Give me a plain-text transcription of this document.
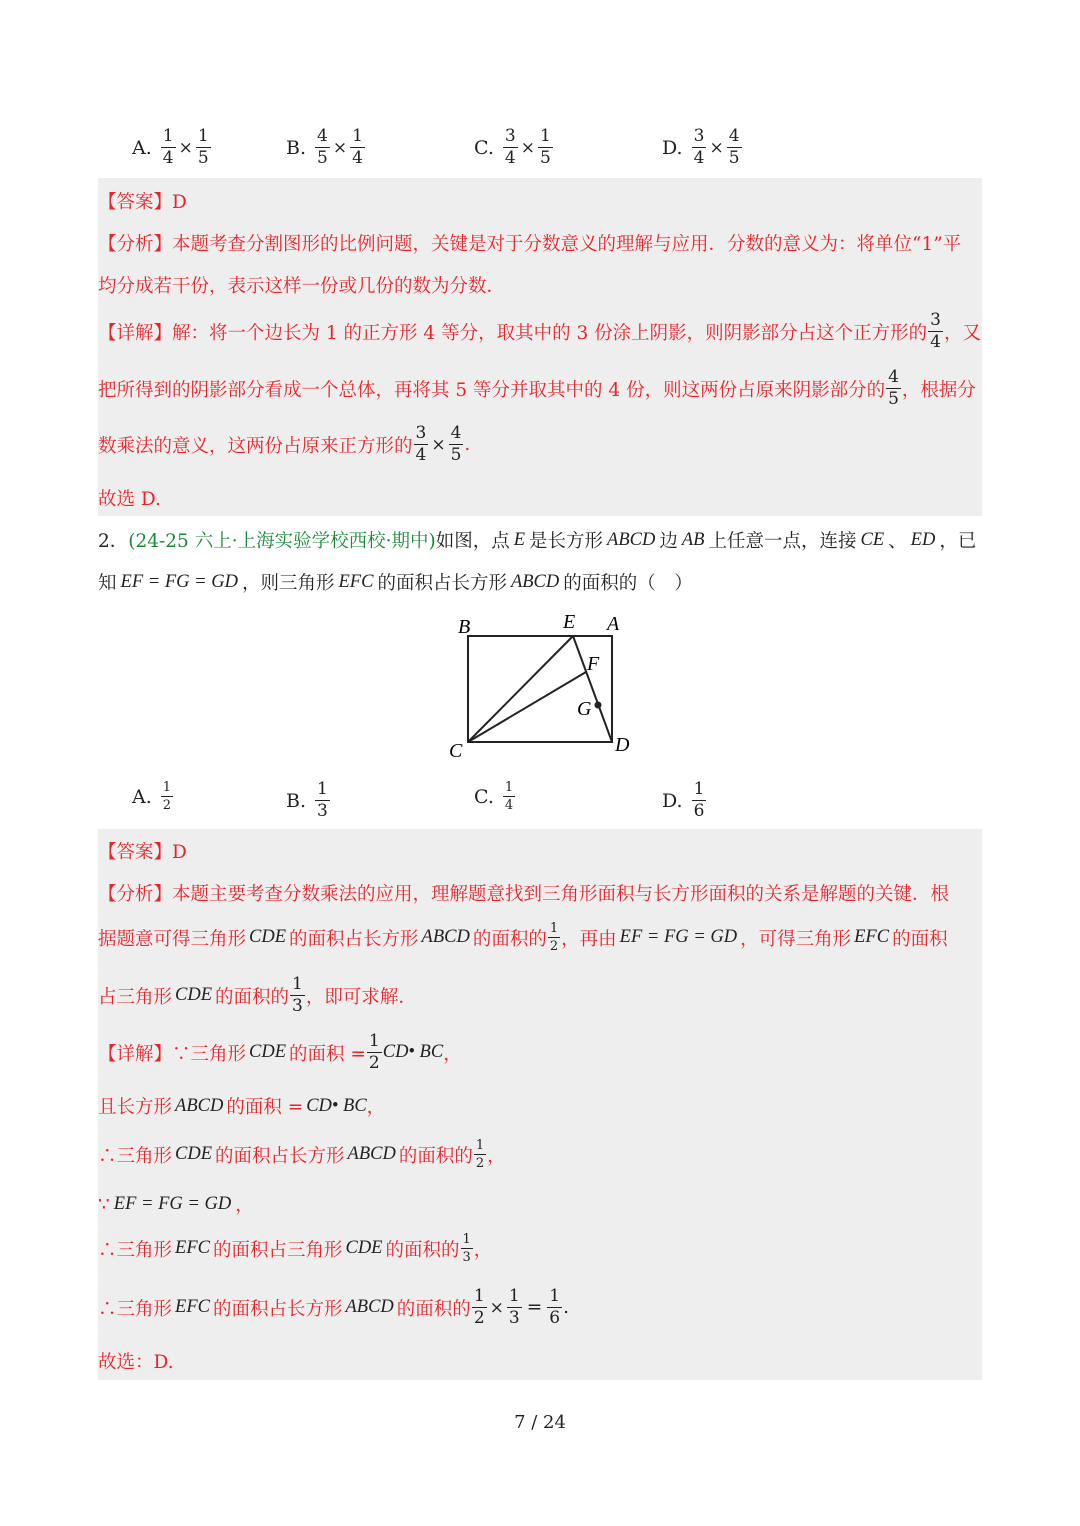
A. $\frac{1}{4} \times \frac{1}{5}$	B. $\frac{4}{5} \times \frac{1}{4}$	C. $\frac{3}{4} \times \frac{1}{5}$	D. $\frac{3}{4} \times \frac{4}{5}$
【答案】D
【分析】本题考查分割图形的比例问题，关键是对于分数意义的理解与应用．分数的意义为：将单位“1”平
均分成若干份，表示这样一份或几份的数为分数．
【详解】解：将一个边长为 1 的正方形 4 等分，取其中的 3 份涂上阴影，则阴影部分占这个正方形的 $\frac{3}{4}$ ，又
把所得到的阴影部分看成一个总体，再将其 5 等分并取其中的 4 份，则这两份占原来阴影部分的 $\frac{4}{5}$ ，根据分
数乘法的意义，这两份占原来正方形的 $\frac{3}{4} \times \frac{4}{5}$ .
故选 D.
2． (24-25 六上·上海实验学校西校·期中) 如图，点 E 是长方形 ABCD 边 AB 上任意一点，连接 CE 、 ED ，已
知 EF = FG = GD ，则三角形 EFC 的面积占长方形 ABCD 的面积的（　）
B	E A
F
G
C	D
A. $\frac{1}{2}$	B. $\frac{1}{3}$	C. $\frac{1}{4}$	D. $\frac{1}{6}$
【答案】D
【分析】本题主要考查分数乘法的应用，理解题意找到三角形面积与长方形面积的关系是解题的关键．根
据题意可得三角形 CDE 的面积占长方形 ABCD 的面积的 $\frac{1}{2}$ ，再由 EF = FG = GD ，可得三角形 EFC 的面积
占三角形 CDE 的面积的 $\frac{1}{3}$ ，即可求解．
【详解】∵三角形 CDE 的面积 = $\frac{1}{2}$ CD• BC ，
且长方形 ABCD 的面积 = CD• BC ，
∴三角形 CDE 的面积占长方形 ABCD 的面积的 $\frac{1}{2}$ ，
∵ EF = FG = GD ，
∴三角形 EFC 的面积占三角形 CDE 的面积的 $\frac{1}{3}$ ，
∴三角形 EFC 的面积占长方形 ABCD 的面积的 $\frac{1}{2} \times \frac{1}{3} = \frac{1}{6}$ .
故选：D.
7 / 24
